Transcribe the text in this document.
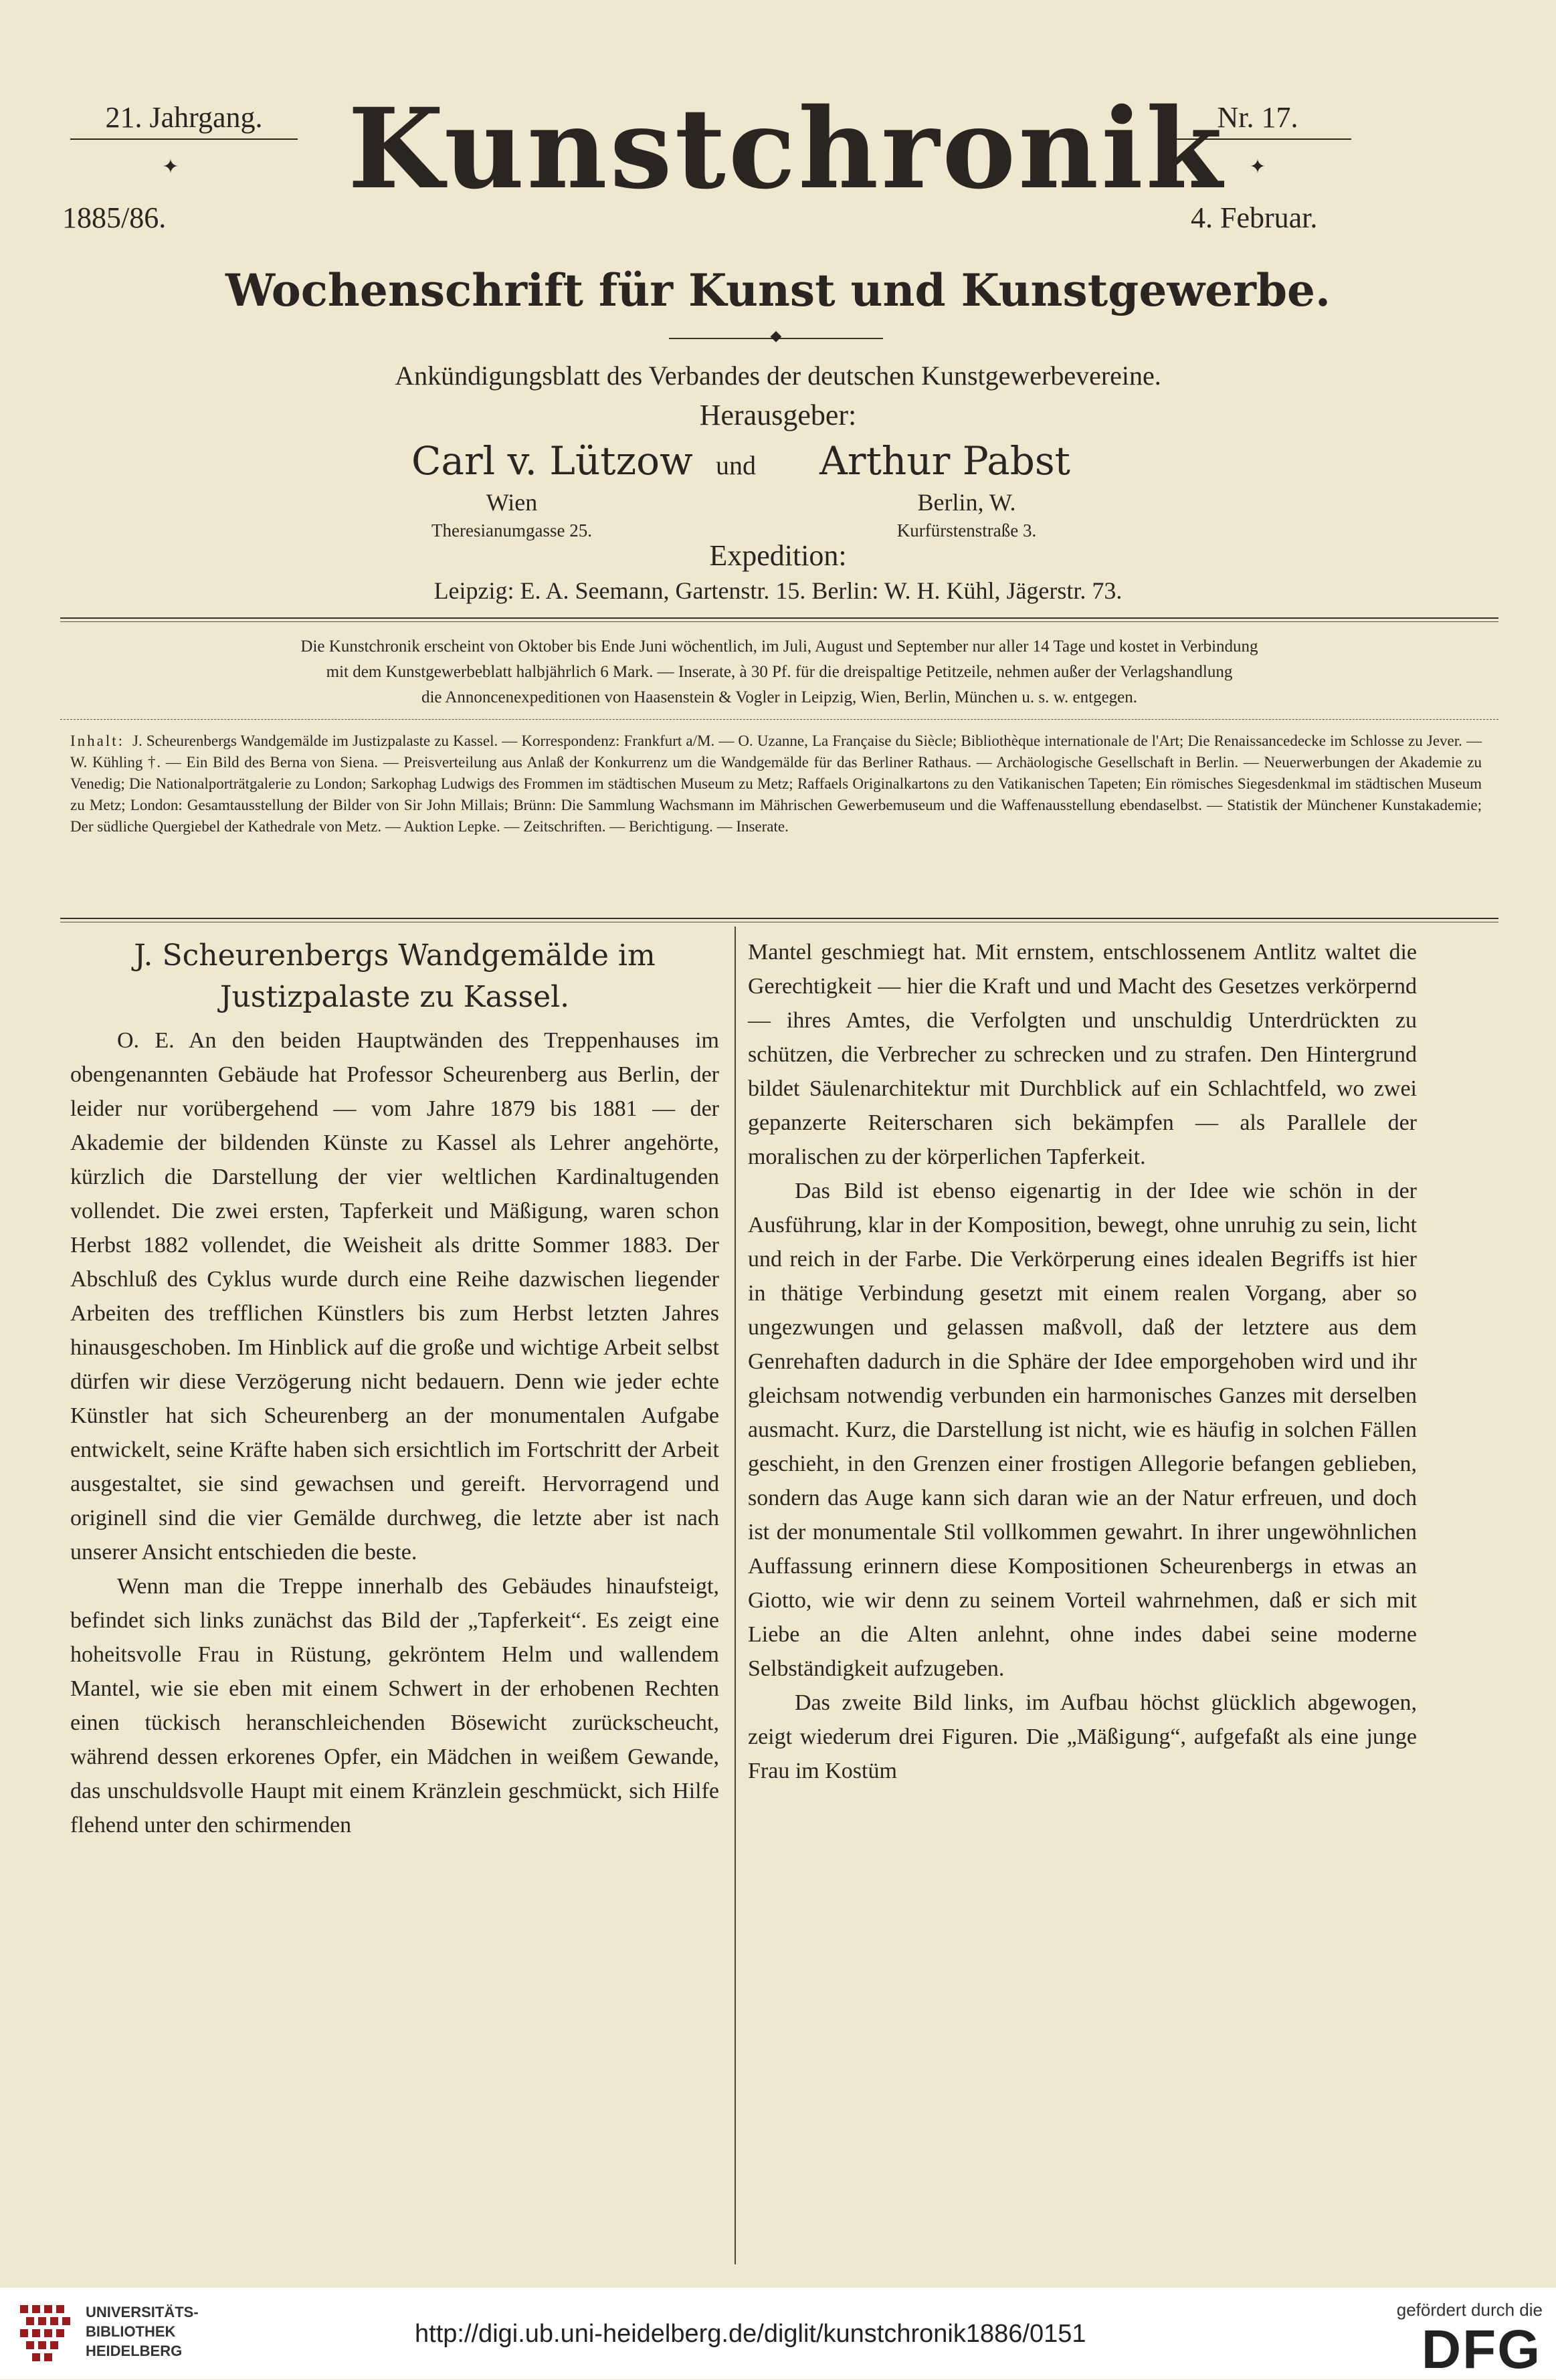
21. Jahrgang.
✦
1885/86.
Kunstchronik
Nr. 17.
✦
4. Februar.
Wochenschrift für Kunst und Kunstgewerbe.
◆
Ankündigungsblatt des Verbandes der deutschen Kunstgewerbevereine.
Herausgeber:
Carl v. Lützow und Arthur Pabst
Wien
Theresianumgasse 25.
Berlin, W.
Kurfürstenstraße 3.
Expedition:
Leipzig: E. A. Seemann, Gartenstr. 15. Berlin: W. H. Kühl, Jägerstr. 73.
Die Kunstchronik erscheint von Oktober bis Ende Juni wöchentlich, im Juli, August und September nur aller 14 Tage und kostet in Verbindung
mit dem Kunstgewerbeblatt halbjährlich 6 Mark. — Inserate, à 30 Pf. für die dreispaltige Petitzeile, nehmen außer der Verlagshandlung
die Annoncenexpeditionen von Haasenstein & Vogler in Leipzig, Wien, Berlin, München u. s. w. entgegen.
Inhalt: J. Scheurenbergs Wandgemälde im Justizpalaste zu Kassel. — Korrespondenz: Frankfurt a/M. — O. Uzanne, La Française du Siècle; Bibliothèque internationale de l'Art; Die Renaissancedecke im Schlosse zu Jever. — W. Kühling †. — Ein Bild des Berna von Siena. — Preisverteilung aus Anlaß der Konkurrenz um die Wandgemälde für das Berliner Rathaus. — Archäologische Gesellschaft in Berlin. — Neuerwerbungen der Akademie zu Venedig; Die Nationalporträtgalerie zu London; Sarkophag Ludwigs des Frommen im städtischen Museum zu Metz; Raffaels Originalkartons zu den Vatikanischen Tapeten; Ein römisches Siegesdenkmal im städtischen Museum zu Metz; London: Gesamtausstellung der Bilder von Sir John Millais; Brünn: Die Sammlung Wachsmann im Mährischen Gewerbemuseum und die Waffenausstellung ebendaselbst. — Statistik der Münchener Kunstakademie; Der südliche Quergiebel der Kathedrale von Metz. — Auktion Lepke. — Zeitschriften. — Berichtigung. — Inserate.
J. Scheurenbergs Wandgemälde im Justizpalaste zu Kassel.

O. E. An den beiden Hauptwänden des Treppenhauses im obengenannten Gebäude hat Professor Scheurenberg aus Berlin, der leider nur vorübergehend — vom Jahre 1879 bis 1881 — der Akademie der bildenden Künste zu Kassel als Lehrer angehörte, kürzlich die Darstellung der vier weltlichen Kardinaltugenden vollendet. Die zwei ersten, Tapferkeit und Mäßigung, waren schon Herbst 1882 vollendet, die Weisheit als dritte Sommer 1883. Der Abschluß des Cyklus wurde durch eine Reihe dazwischen liegender Arbeiten des trefflichen Künstlers bis zum Herbst letzten Jahres hinausgeschoben. Im Hinblick auf die große und wichtige Arbeit selbst dürfen wir diese Verzögerung nicht bedauern. Denn wie jeder echte Künstler hat sich Scheurenberg an der monumentalen Aufgabe entwickelt, seine Kräfte haben sich ersichtlich im Fortschritt der Arbeit ausgestaltet, sie sind gewachsen und gereift. Hervorragend und originell sind die vier Gemälde durchweg, die letzte aber ist nach unserer Ansicht entschieden die beste.

Wenn man die Treppe innerhalb des Gebäudes hinaufsteigt, befindet sich links zunächst das Bild der „Tapferkeit“. Es zeigt eine hoheitsvolle Frau in Rüstung, gekröntem Helm und wallendem Mantel, wie sie eben mit einem Schwert in der erhobenen Rechten einen tückisch heranschleichenden Bösewicht zurückscheucht, während dessen erkorenes Opfer, ein Mädchen in weißem Gewande, das unschuldsvolle Haupt mit einem Kränzlein geschmückt, sich Hilfe flehend unter den schirmenden

Mantel geschmiegt hat. Mit ernstem, entschlossenem Antlitz waltet die Gerechtigkeit — hier die Kraft und und Macht des Gesetzes verkörpernd — ihres Amtes, die Verfolgten und unschuldig Unterdrückten zu schützen, die Verbrecher zu schrecken und zu strafen. Den Hintergrund bildet Säulenarchitektur mit Durchblick auf ein Schlachtfeld, wo zwei gepanzerte Reiterscharen sich bekämpfen — als Parallele der moralischen zu der körperlichen Tapferkeit.

Das Bild ist ebenso eigenartig in der Idee wie schön in der Ausführung, klar in der Komposition, bewegt, ohne unruhig zu sein, licht und reich in der Farbe. Die Verkörperung eines idealen Begriffs ist hier in thätige Verbindung gesetzt mit einem realen Vorgang, aber so ungezwungen und gelassen maßvoll, daß der letztere aus dem Genrehaften dadurch in die Sphäre der Idee emporgehoben wird und ihr gleichsam notwendig verbunden ein harmonisches Ganzes mit derselben ausmacht. Kurz, die Darstellung ist nicht, wie es häufig in solchen Fällen geschieht, in den Grenzen einer frostigen Allegorie befangen geblieben, sondern das Auge kann sich daran wie an der Natur erfreuen, und doch ist der monumentale Stil vollkommen gewahrt. In ihrer ungewöhnlichen Auffassung erinnern diese Kompositionen Scheurenbergs in etwas an Giotto, wie wir denn zu seinem Vorteil wahrnehmen, daß er sich mit Liebe an die Alten anlehnt, ohne indes dabei seine moderne Selbständigkeit aufzugeben.

Das zweite Bild links, im Aufbau höchst glücklich abgewogen, zeigt wiederum drei Figuren. Die „Mäßigung“, aufgefaßt als eine junge Frau im Kostüm

UNIVERSITÄTS-
BIBLIOTHEK
HEIDELBERG
http://digi.ub.uni-heidelberg.de/diglit/kunstchronik1886/0151
gefördert durch die
DFG
